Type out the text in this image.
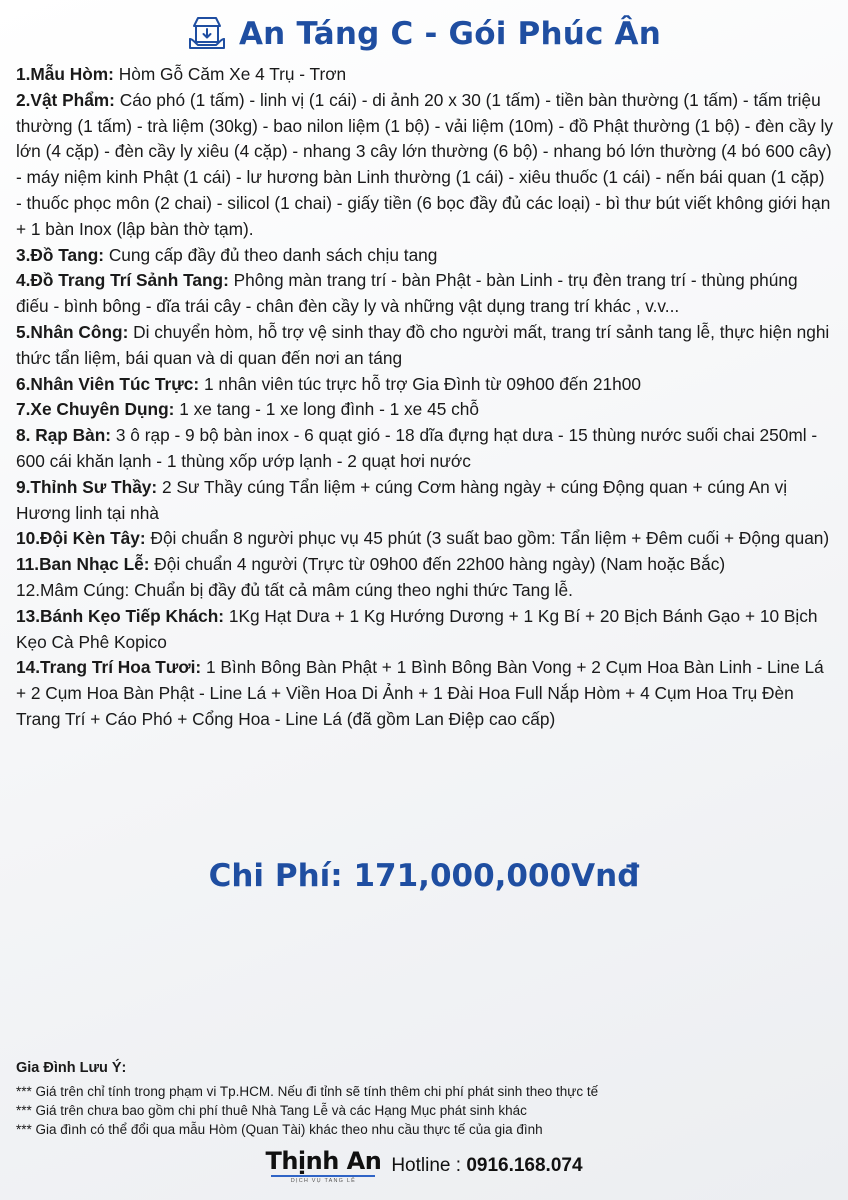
An Táng C - Gói Phúc Ân

1.Mẫu Hòm: Hòm Gỗ Căm Xe 4 Trụ - Trơn

2.Vật Phẩm: Cáo phó (1 tấm) - linh vị (1 cái) - di ảnh 20 x 30 (1 tấm) - tiền bàn thường (1 tấm) - tấm triệu thường (1 tấm) - trà liệm (30kg) - bao nilon liệm (1 bộ) - vải liệm (10m) - đồ Phật thường (1 bộ) - đèn cầy ly lớn (4 cặp) - đèn cầy ly xiêu (4 cặp) - nhang 3 cây lớn thường (6 bộ) - nhang bó lớn thường (4 bó 600 cây) - máy niệm kinh Phật (1 cái) - lư hương bàn Linh thường (1 cái) - xiêu thuốc (1 cái) - nến bái quan (1 cặp) - thuốc phọc môn (2 chai) - silicol (1 chai) - giấy tiền (6 bọc đầy đủ các loại) - bì thư bút viết không giới hạn + 1 bàn Inox (lập bàn thờ tạm).

3.Đồ Tang: Cung cấp đầy đủ theo danh sách chịu tang

4.Đồ Trang Trí Sảnh Tang: Phông màn trang trí - bàn Phật - bàn Linh - trụ đèn trang trí - thùng phúng điếu - bình bông - dĩa trái cây - chân đèn cầy ly và những vật dụng trang trí khác , v.v...

5.Nhân Công: Di chuyển hòm, hỗ trợ vệ sinh thay đồ cho người mất, trang trí sảnh tang lễ, thực hiện nghi thức tẩn liệm, bái quan và di quan đến nơi an táng

6.Nhân Viên Túc Trực: 1 nhân viên túc trực hỗ trợ Gia Đình từ 09h00 đến 21h00

7.Xe Chuyên Dụng: 1 xe tang - 1 xe long đình - 1 xe 45 chỗ

8. Rạp Bàn: 3 ô rạp - 9 bộ bàn inox - 6 quạt gió - 18 dĩa đựng hạt dưa - 15 thùng nước suối chai 250ml - 600 cái khăn lạnh - 1 thùng xốp ướp lạnh - 2 quạt hơi nước

9.Thỉnh Sư Thầy: 2 Sư Thầy cúng Tẩn liệm + cúng Cơm hàng ngày + cúng Động quan + cúng An vị Hương linh tại nhà

10.Đội Kèn Tây: Đội chuẩn 8 người phục vụ 45 phút (3 suất bao gồm: Tẩn liệm + Đêm cuối + Động quan)

11.Ban Nhạc Lễ: Đội chuẩn 4 người (Trực từ 09h00 đến 22h00 hàng ngày) (Nam hoặc Bắc)

12.Mâm Cúng: Chuẩn bị đầy đủ tất cả mâm cúng theo nghi thức Tang lễ.

13.Bánh Kẹo Tiếp Khách: 1Kg Hạt Dưa + 1 Kg Hướng Dương + 1 Kg Bí + 20 Bịch Bánh Gạo + 10 Bịch Kẹo Cà Phê Kopico

14.Trang Trí Hoa Tươi: 1 Bình Bông Bàn Phật + 1 Bình Bông Bàn Vong + 2 Cụm Hoa Bàn Linh - Line Lá + 2 Cụm Hoa Bàn Phật - Line Lá + Viền Hoa Di Ảnh + 1 Đài Hoa Full Nắp Hòm + 4 Cụm Hoa Trụ Đèn Trang Trí + Cáo Phó + Cổng Hoa - Line Lá (đã gồm Lan Điệp cao cấp)

Chi Phí: 171,000,000Vnđ
Gia Đình Lưu Ý:
*** Giá trên chỉ tính trong phạm vi Tp.HCM. Nếu đi tỉnh sẽ tính thêm chi phí phát sinh theo thực tế
*** Giá trên chưa bao gồm chi phí thuê Nhà Tang Lễ và các Hạng Mục phát sinh khác
*** Gia đình có thể đổi qua mẫu Hòm (Quan Tài) khác theo nhu cầu thực tế của gia đình
Thịnh An
DỊCH VỤ TANG LỄ
Hotline : 0916.168.074
